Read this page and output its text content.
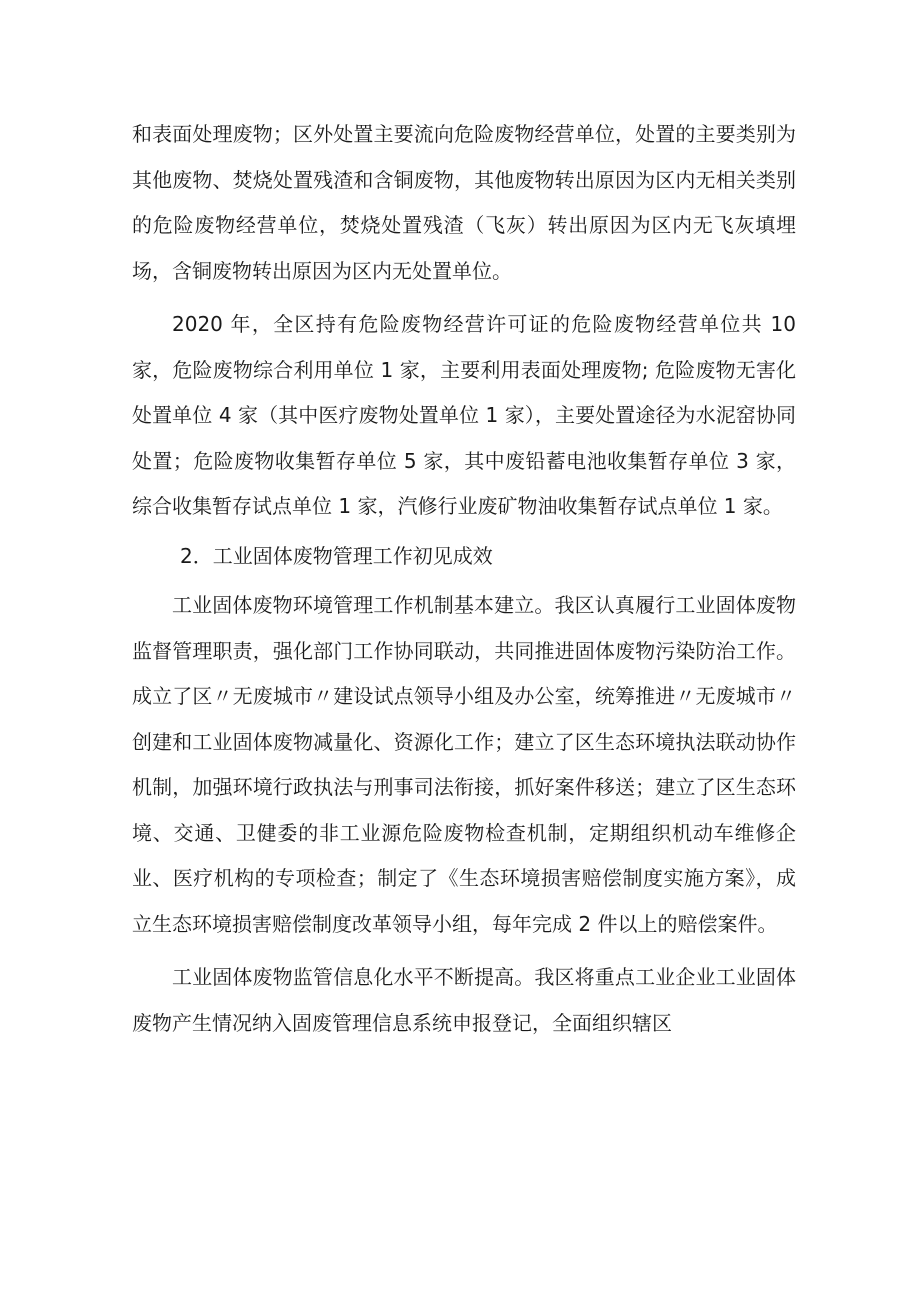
和表面处理废物；区外处置主要流向危险废物经营单位，处置的主要类别为其他废物、焚烧处置残渣和含铜废物，其他废物转出原因为区内无相关类别的危险废物经营单位，焚烧处置残渣（飞灰）转出原因为区内无飞灰填埋场，含铜废物转出原因为区内无处置单位。

2020 年，全区持有危险废物经营许可证的危险废物经营单位共 10 家，危险废物综合利用单位 1 家，主要利用表面处理废物; 危险废物无害化处置单位 4 家（其中医疗废物处置单位 1 家），主要处置途径为水泥窑协同处置；危险废物收集暂存单位 5 家，其中废铅蓄电池收集暂存单位 3 家，综合收集暂存试点单位 1 家，汽修行业废矿物油收集暂存试点单位 1 家。

2．工业固体废物管理工作初见成效

工业固体废物环境管理工作机制基本建立。我区认真履行工业固体废物监督管理职责，强化部门工作协同联动，共同推进固体废物污染防治工作。成立了区〃无废城市〃建设试点领导小组及办公室，统筹推进〃无废城市〃创建和工业固体废物减量化、资源化工作；建立了区生态环境执法联动协作机制，加强环境行政执法与刑事司法衔接，抓好案件移送；建立了区生态环境、交通、卫健委的非工业源危险废物检查机制，定期组织机动车维修企业、医疗机构的专项检查；制定了《生态环境损害赔偿制度实施方案》，成立生态环境损害赔偿制度改革领导小组，每年完成 2 件以上的赔偿案件。

工业固体废物监管信息化水平不断提高。我区将重点工业企业工业固体废物产生情况纳入固废管理信息系统申报登记，全面组织辖区
